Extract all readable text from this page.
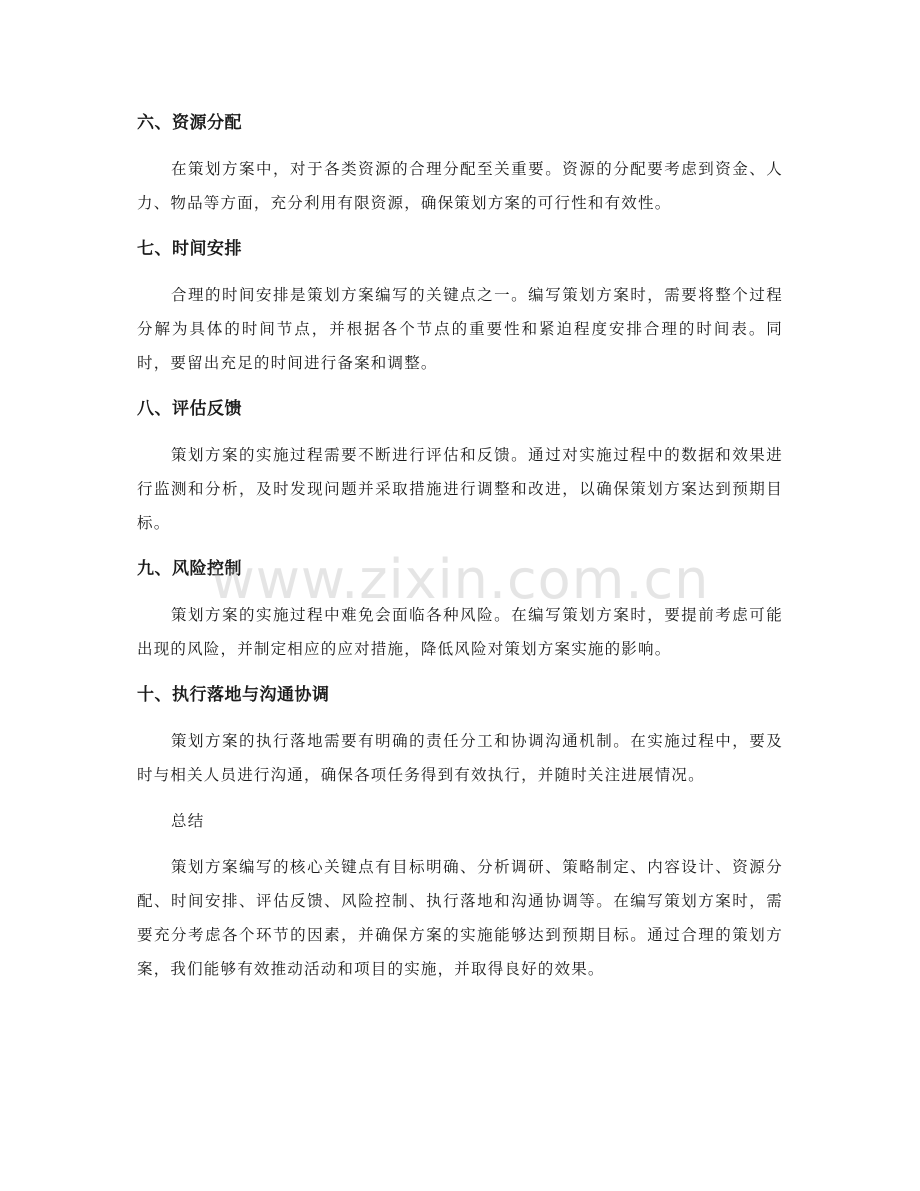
六、资源分配

在策划方案中，对于各类资源的合理分配至关重要。资源的分配要考虑到资金、人力、物品等方面，充分利用有限资源，确保策划方案的可行性和有效性。

七、时间安排

合理的时间安排是策划方案编写的关键点之一。编写策划方案时，需要将整个过程分解为具体的时间节点，并根据各个节点的重要性和紧迫程度安排合理的时间表。同时，要留出充足的时间进行备案和调整。

八、评估反馈

策划方案的实施过程需要不断进行评估和反馈。通过对实施过程中的数据和效果进行监测和分析，及时发现问题并采取措施进行调整和改进，以确保策划方案达到预期目标。

九、风险控制

策划方案的实施过程中难免会面临各种风险。在编写策划方案时，要提前考虑可能出现的风险，并制定相应的应对措施，降低风险对策划方案实施的影响。

十、执行落地与沟通协调

策划方案的执行落地需要有明确的责任分工和协调沟通机制。在实施过程中，要及时与相关人员进行沟通，确保各项任务得到有效执行，并随时关注进展情况。

总结

策划方案编写的核心关键点有目标明确、分析调研、策略制定、内容设计、资源分配、时间安排、评估反馈、风险控制、执行落地和沟通协调等。在编写策划方案时，需要充分考虑各个环节的因素，并确保方案的实施能够达到预期目标。通过合理的策划方案，我们能够有效推动活动和项目的实施，并取得良好的效果。

www.zixin.com.cn
